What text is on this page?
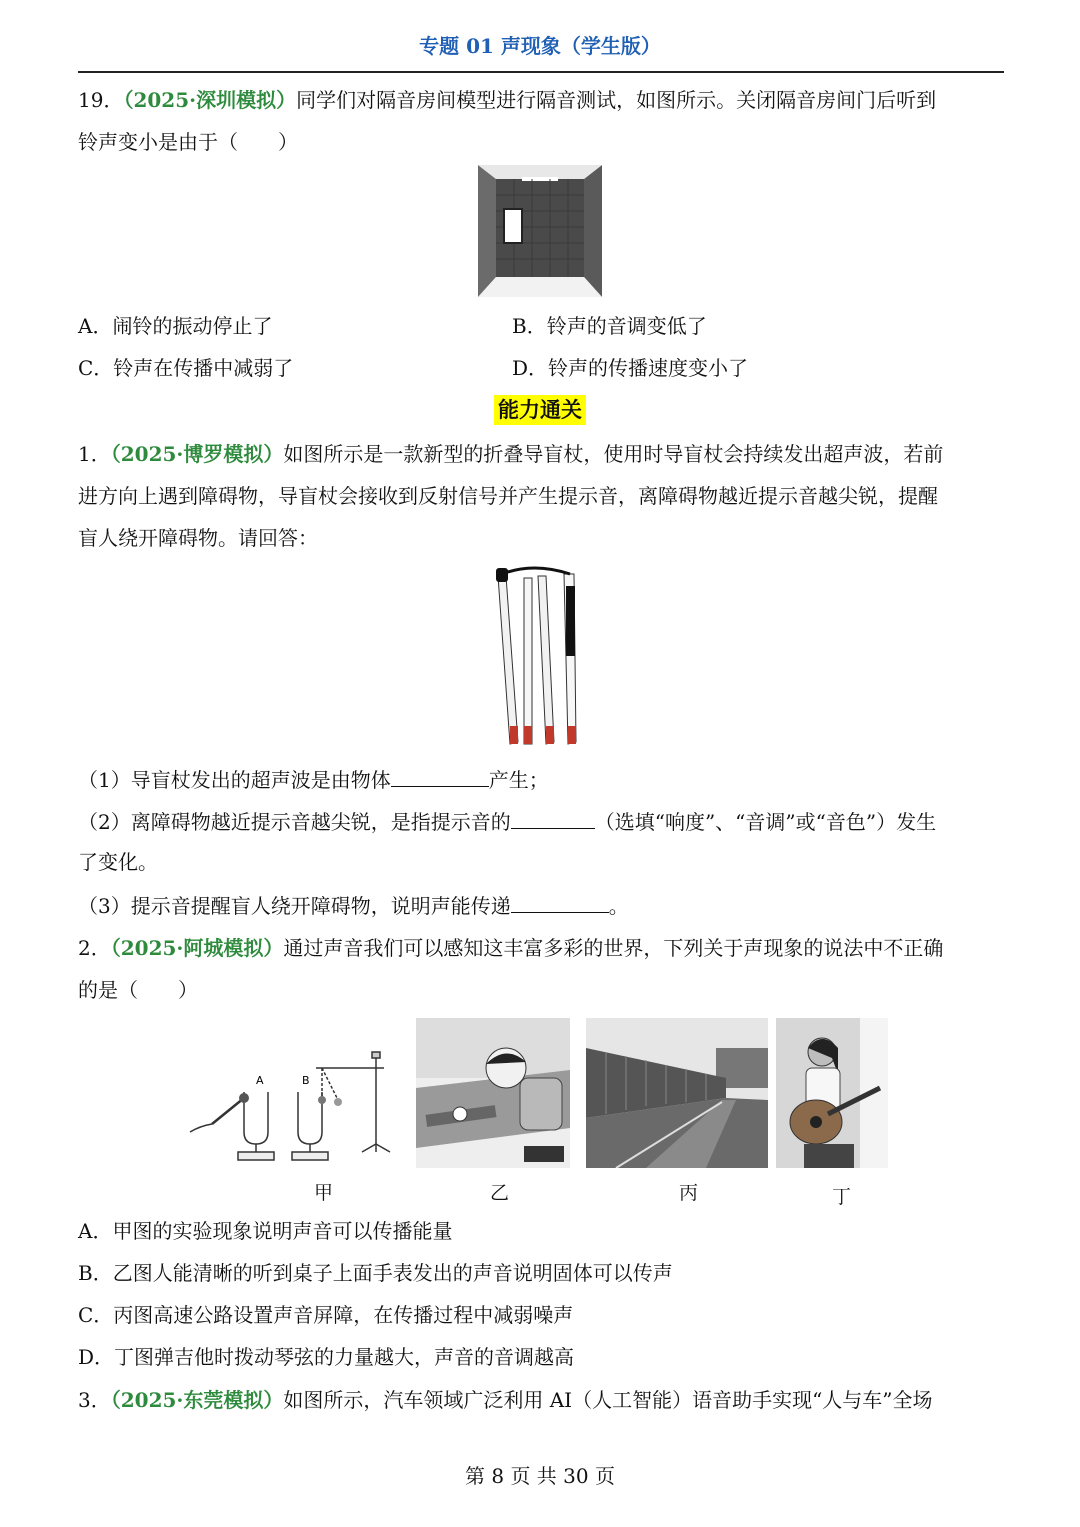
专题 01 声现象（学生版）
19．（2025·深圳模拟）同学们对隔音房间模型进行隔音测试，如图所示。关闭隔音房间门后听到
铃声变小是由于（　　）
A．闹铃的振动停止了	B．铃声的音调变低了
C．铃声在传播中减弱了	D．铃声的传播速度变小了
能力通关
1．（2025·博罗模拟）如图所示是一款新型的折叠导盲杖，使用时导盲杖会持续发出超声波，若前
进方向上遇到障碍物，导盲杖会接收到反射信号并产生提示音，离障碍物越近提示音越尖锐，提醒
盲人绕开障碍物。请回答：
（1）导盲杖发出的超声波是由物体	产生；
（2）离障碍物越近提示音越尖锐，是指提示音的	（选填“响度”、“音调”或“音色”）发生
了变化。
（3）提示音提醒盲人绕开障碍物，说明声能传递	。
2．（2025·阿城模拟）通过声音我们可以感知这丰富多彩的世界，下列关于声现象的说法中不正确
的是（　　）
A	B
甲	乙	丙	丁
A．甲图的实验现象说明声音可以传播能量
B．乙图人能清晰的听到桌子上面手表发出的声音说明固体可以传声
C．丙图高速公路设置声音屏障，在传播过程中减弱噪声
D．丁图弹吉他时拨动琴弦的力量越大，声音的音调越高
3．（2025·东莞模拟）如图所示，汽车领域广泛利用 AI（人工智能）语音助手实现“人与车”全场
第 8 页 共 30 页
